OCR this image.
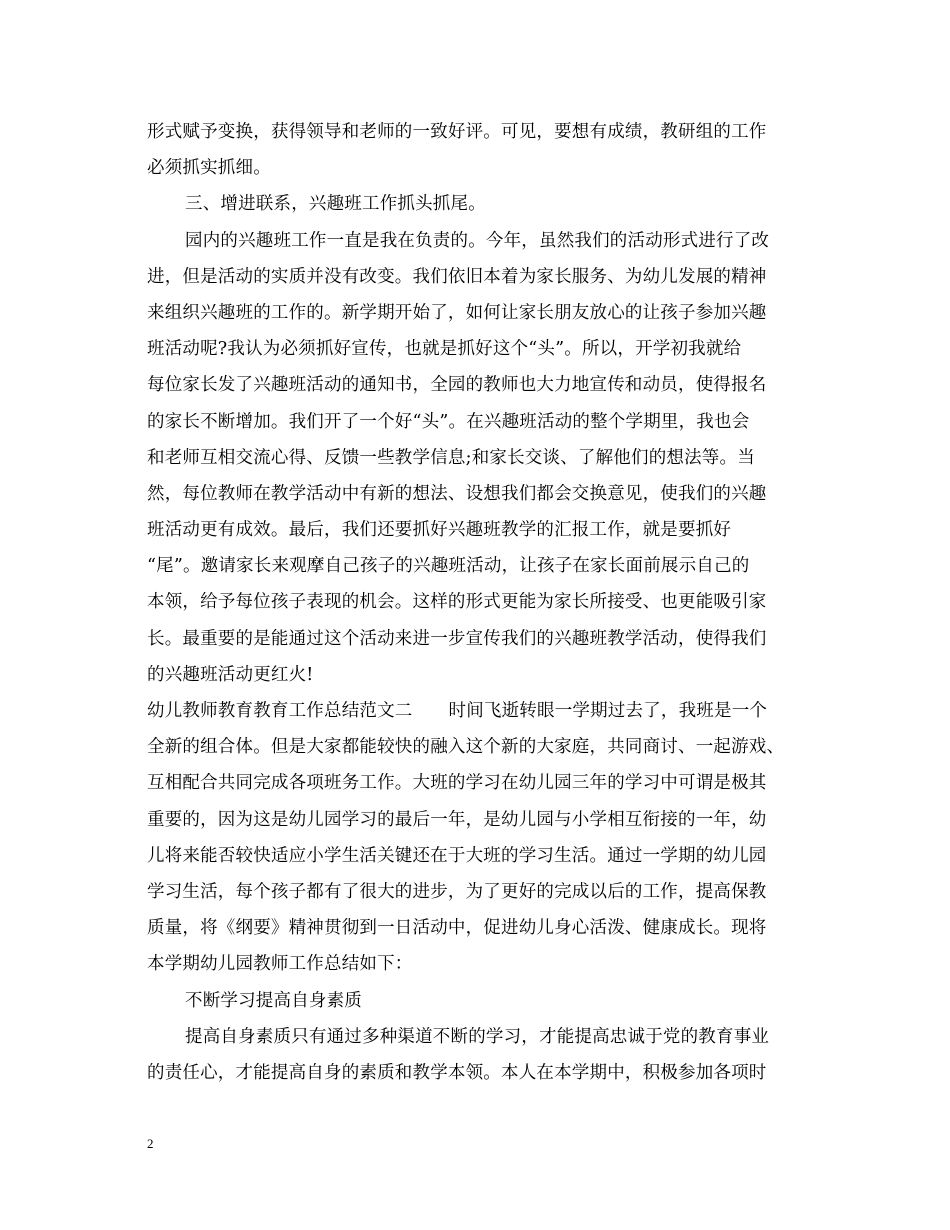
形式赋予变换，获得领导和老师的一致好评。可见，要想有成绩，教研组的工作
必须抓实抓细。
三、增进联系，兴趣班工作抓头抓尾。
园内的兴趣班工作一直是我在负责的。今年，虽然我们的活动形式进行了改
进，但是活动的实质并没有改变。我们依旧本着为家长服务、为幼儿发展的精神
来组织兴趣班的工作的。新学期开始了，如何让家长朋友放心的让孩子参加兴趣
班活动呢?我认为必须抓好宣传，也就是抓好这个“头”。所以，开学初我就给
每位家长发了兴趣班活动的通知书，全园的教师也大力地宣传和动员，使得报名
的家长不断增加。我们开了一个好“头”。在兴趣班活动的整个学期里，我也会
和老师互相交流心得、反馈一些教学信息;和家长交谈、了解他们的想法等。当
然，每位教师在教学活动中有新的想法、设想我们都会交换意见，使我们的兴趣
班活动更有成效。最后，我们还要抓好兴趣班教学的汇报工作，就是要抓好
“尾”。邀请家长来观摩自己孩子的兴趣班活动，让孩子在家长面前展示自己的
本领，给予每位孩子表现的机会。这样的形式更能为家长所接受、也更能吸引家
长。最重要的是能通过这个活动来进一步宣传我们的兴趣班教学活动，使得我们
的兴趣班活动更红火!
幼儿教师教育教育工作总结范文二 时间飞逝转眼一学期过去了，我班是一个
全新的组合体。但是大家都能较快的融入这个新的大家庭，共同商讨、一起游戏、
互相配合共同完成各项班务工作。大班的学习在幼儿园三年的学习中可谓是极其
重要的，因为这是幼儿园学习的最后一年，是幼儿园与小学相互衔接的一年，幼
儿将来能否较快适应小学生活关键还在于大班的学习生活。通过一学期的幼儿园
学习生活，每个孩子都有了很大的进步，为了更好的完成以后的工作，提高保教
质量，将《纲要》精神贯彻到一日活动中，促进幼儿身心活泼、健康成长。现将
本学期幼儿园教师工作总结如下：
不断学习提高自身素质
提高自身素质只有通过多种渠道不断的学习，才能提高忠诚于党的教育事业
的责任心，才能提高自身的素质和教学本领。本人在本学期中，积极参加各项时
2
